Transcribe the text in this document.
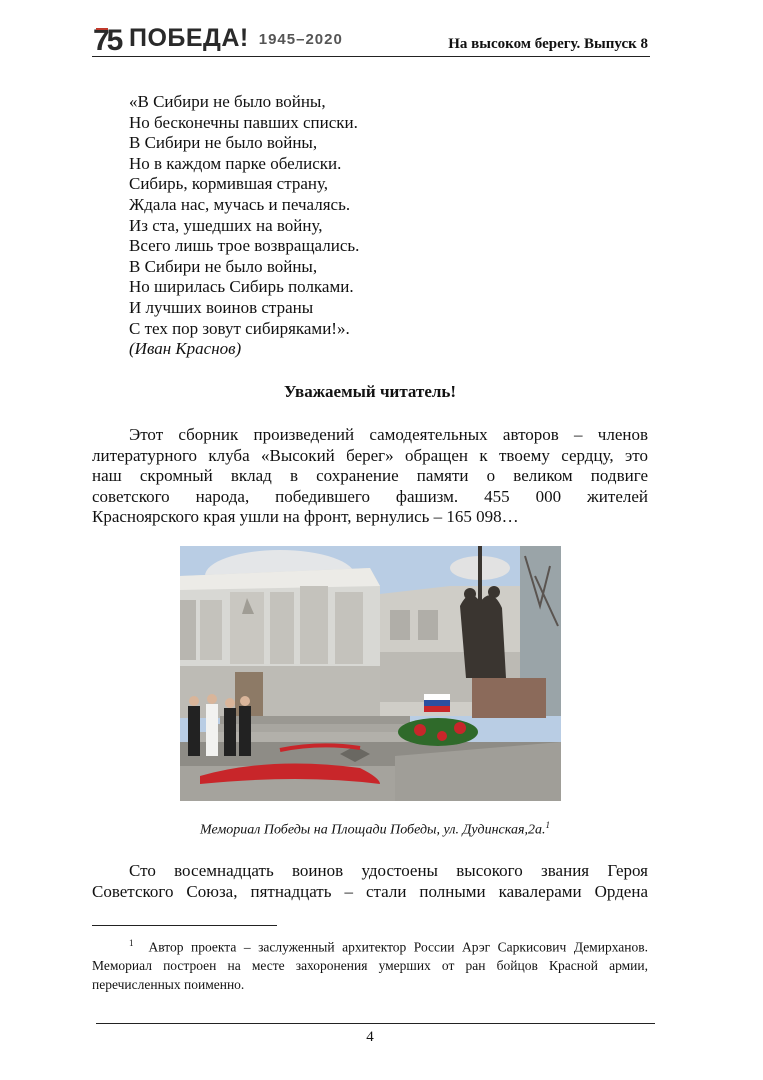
75 ПОБЕДА! 1945–2020	На высоком берегу. Выпуск 8
«В Сибири не было войны,
Но бесконечны павших списки.
В Сибири не было войны,
Но в каждом парке обелиски.
Сибирь, кормившая страну,
Ждала нас, мучась и печалясь.
Из ста, ушедших на войну,
Всего лишь трое возвращались.
В Сибири не было войны,
Но ширилась Сибирь полками.
И лучших воинов страны
С тех пор зовут сибиряками!».
(Иван Краснов)
Уважаемый читатель!
Этот сборник произведений самодеятельных авторов – членов
литературного клуба «Высокий берег» обращен к твоему сердцу, это
наш скромный вклад в сохранение памяти о великом подвиге
советского народа, победившего фашизм. 455 000 жителей
Красноярского края ушли на фронт, вернулись – 165 098…
Мемориал Победы на Площади Победы, ул. Дудинская,2а.$^1$
Сто восемнадцать воинов удостоены высокого звания Героя
Советского Союза, пятнадцать – стали полными кавалерами Ордена
$^1$ Автор проекта – заслуженный архитектор России Арэг Саркисович Демирханов. Мемориал построен на месте захоронения умерших от ран бойцов Красной армии, перечисленных поименно.
4
